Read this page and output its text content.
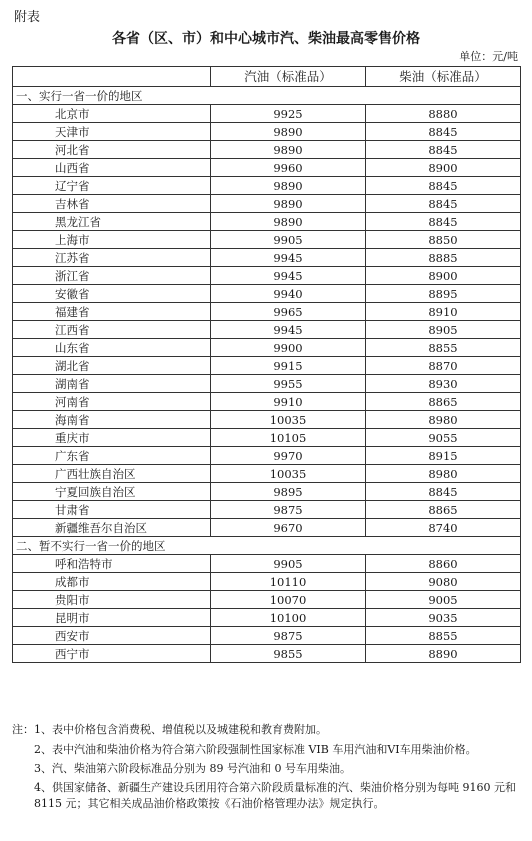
附表
各省（区、市）和中心城市汽、柴油最高零售价格
单位：元/吨
	汽油（标准品）	柴油（标准品）
一、实行一省一价的地区		
北京市	9925	8880
天津市	9890	8845
河北省	9890	8845
山西省	9960	8900
辽宁省	9890	8845
吉林省	9890	8845
黑龙江省	9890	8845
上海市	9905	8850
江苏省	9945	8885
浙江省	9945	8900
安徽省	9940	8895
福建省	9965	8910
江西省	9945	8905
山东省	9900	8855
湖北省	9915	8870
湖南省	9955	8930
河南省	9910	8865
海南省	10035	8980
重庆市	10105	9055
广东省	9970	8915
广西壮族自治区	10035	8980
宁夏回族自治区	9895	8845
甘肃省	9875	8865
新疆维吾尔自治区	9670	8740
二、暂不实行一省一价的地区		
呼和浩特市	9905	8860
成都市	10110	9080
贵阳市	10070	9005
昆明市	10100	9035
西安市	9875	8855
西宁市	9855	8890

注：1、表中价格包含消费税、增值税以及城建税和教育费附加。

2、表中汽油和柴油价格为符合第六阶段强制性国家标准 VIB 车用汽油和VI车用柴油价格。

3、汽、柴油第六阶段标准品分别为 89 号汽油和 0 号车用柴油。

4、供国家储备、新疆生产建设兵团用符合第六阶段质量标准的汽、柴油价格分别为每吨 9160 元和 8115 元；其它相关成品油价格政策按《石油价格管理办法》规定执行。
